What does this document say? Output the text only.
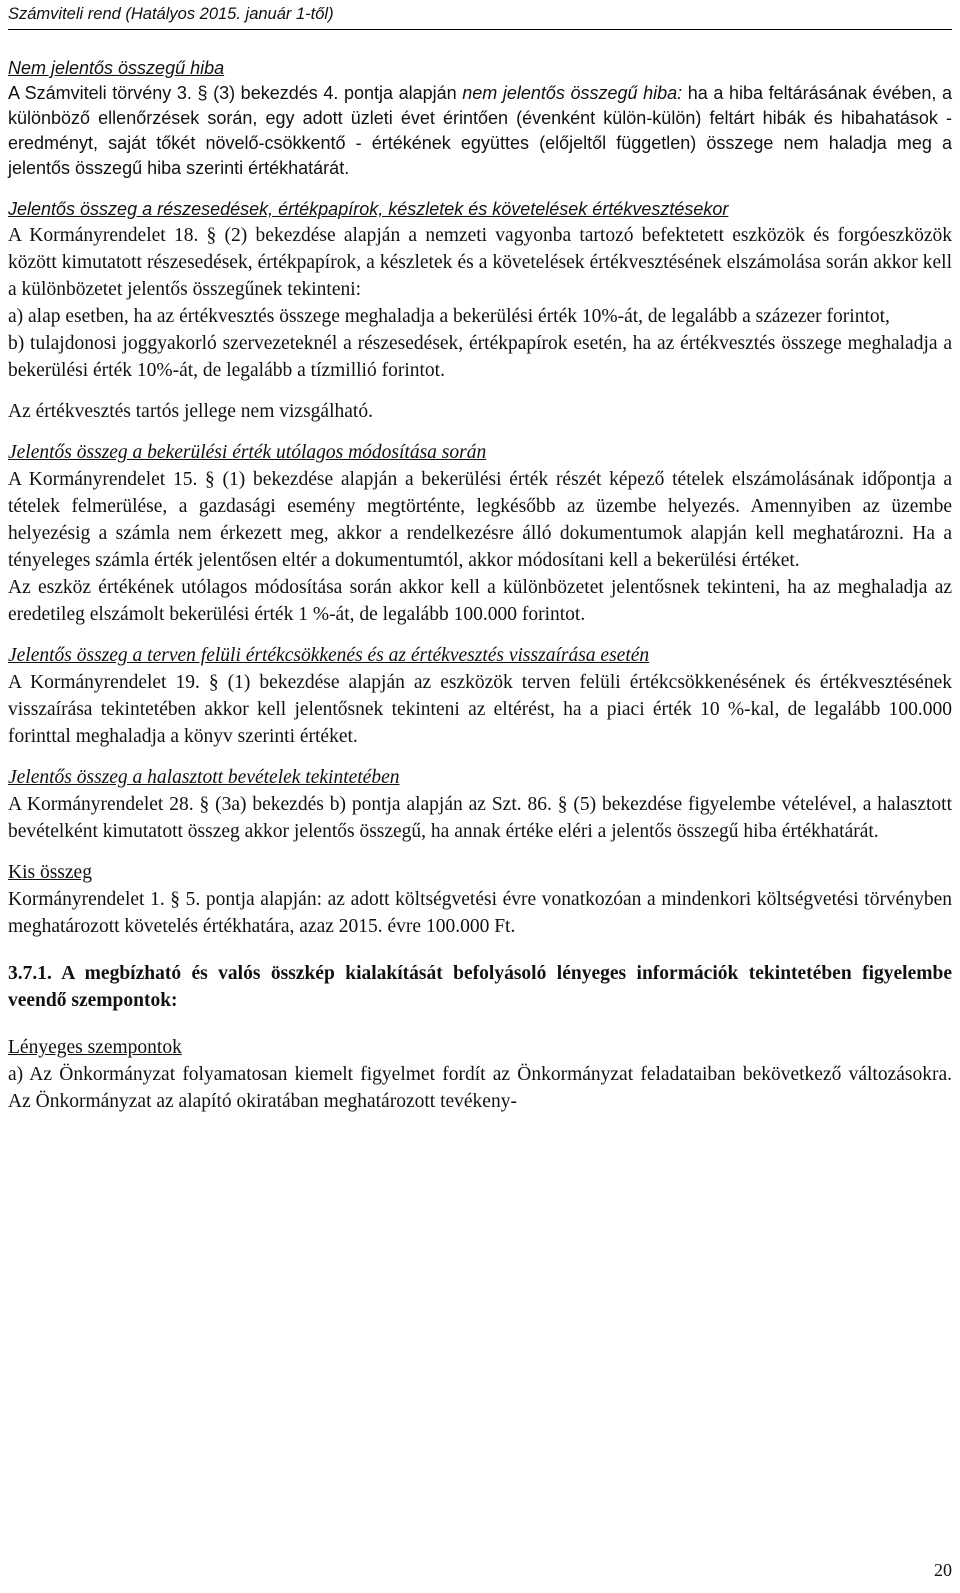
Számviteli rend (Hatályos 2015. január 1-től)

Nem jelentős összegű hiba

A Számviteli törvény 3. § (3) bekezdés 4. pontja alapján nem jelentős összegű hiba: ha a hiba feltárásának évében, a különböző ellenőrzések során, egy adott üzleti évet érintően (évenként külön-külön) feltárt hibák és hibahatások - eredményt, saját tőkét növelő-csökkentő - értékének együttes (előjeltől független) összege nem haladja meg a jelentős összegű hiba szerinti értékhatárát.

Jelentős összeg a részesedések, értékpapírok, készletek és követelések értékvesztésekor

A Kormányrendelet 18. § (2) bekezdése alapján a nemzeti vagyonba tartozó befektetett eszközök és forgóeszközök között kimutatott részesedések, értékpapírok, a készletek és a követelések értékvesztésének elszámolása során akkor kell a különbözetet jelentős összegűnek tekinteni:

a) alap esetben, ha az értékvesztés összege meghaladja a bekerülési érték 10%-át, de legalább a százezer forintot,

b) tulajdonosi joggyakorló szervezeteknél a részesedések, értékpapírok esetén, ha az értékvesztés összege meghaladja a bekerülési érték 10%-át, de legalább a tízmillió forintot.

Az értékvesztés tartós jellege nem vizsgálható.

Jelentős összeg a bekerülési érték utólagos módosítása során

A Kormányrendelet 15. § (1) bekezdése alapján a bekerülési érték részét képező tételek elszámolásának időpontja a tételek felmerülése, a gazdasági esemény megtörténte, legkésőbb az üzembe helyezés. Amennyiben az üzembe helyezésig a számla nem érkezett meg, akkor a rendelkezésre álló dokumentumok alapján kell meghatározni. Ha a tényeleges számla érték jelentősen eltér a dokumentumtól, akkor módosítani kell a bekerülési értéket.

Az eszköz értékének utólagos módosítása során akkor kell a különbözetet jelentősnek tekinteni, ha az meghaladja az eredetileg elszámolt bekerülési érték 1 %-át, de legalább 100.000 forintot.

Jelentős összeg a terven felüli értékcsökkenés és az értékvesztés visszaírása esetén

A Kormányrendelet 19. § (1) bekezdése alapján az eszközök terven felüli értékcsökkenésének és értékvesztésének visszaírása tekintetében akkor kell jelentősnek tekinteni az eltérést, ha a piaci érték 10 %-kal, de legalább 100.000 forinttal meghaladja a könyv szerinti értéket.

Jelentős összeg a halasztott bevételek tekintetében

A Kormányrendelet 28. § (3a) bekezdés b) pontja alapján az Szt. 86. § (5) bekezdése figyelembe vételével, a halasztott bevételként kimutatott összeg akkor jelentős összegű, ha annak értéke eléri a jelentős összegű hiba értékhatárát.

Kis összeg

Kormányrendelet 1. § 5. pontja alapján: az adott költségvetési évre vonatkozóan a mindenkori költségvetési törvényben meghatározott követelés értékhatára, azaz 2015. évre 100.000 Ft.

3.7.1. A megbízható és valós összkép kialakítását befolyásoló lényeges információk tekintetében figyelembe veendő szempontok:

Lényeges szempontok

a) Az Önkormányzat folyamatosan kiemelt figyelmet fordít az Önkormányzat feladataiban bekövetkező változásokra. Az Önkormányzat az alapító okiratában meghatározott tevékeny-

20
